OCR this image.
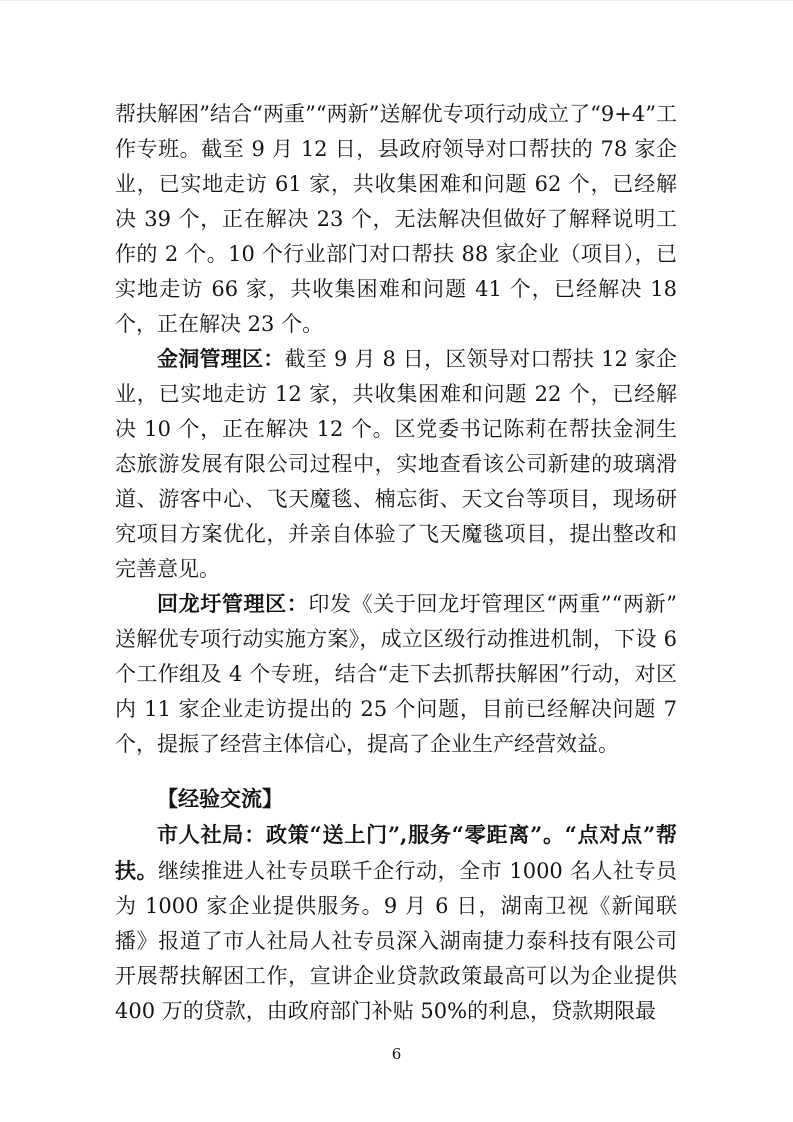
帮扶解困”结合“两重”“两新”送解优专项行动成立了“9+4”工作专班。截至 9 月 12 日，县政府领导对口帮扶的 78 家企业，已实地走访 61 家，共收集困难和问题 62 个，已经解决 39 个，正在解决 23 个，无法解决但做好了解释说明工作的 2 个。10 个行业部门对口帮扶 88 家企业（项目），已实地走访 66 家，共收集困难和问题 41 个，已经解决 18 个，正在解决 23 个。

金洞管理区：截至 9 月 8 日，区领导对口帮扶 12 家企业，已实地走访 12 家，共收集困难和问题 22 个，已经解决 10 个，正在解决 12 个。区党委书记陈莉在帮扶金洞生态旅游发展有限公司过程中，实地查看该公司新建的玻璃滑道、游客中心、飞天魔毯、楠忘街、天文台等项目，现场研究项目方案优化，并亲自体验了飞天魔毯项目，提出整改和完善意见。

回龙圩管理区：印发《关于回龙圩管理区“两重”“两新”送解优专项行动实施方案》，成立区级行动推进机制，下设 6 个工作组及 4 个专班，结合“走下去抓帮扶解困”行动，对区内 11 家企业走访提出的 25 个问题，目前已经解决问题 7 个，提振了经营主体信心，提高了企业生产经营效益。

【经验交流】

市人社局：政策“送上门”,服务“零距离”。“点对点”帮扶。继续推进人社专员联千企行动，全市 1000 名人社专员为 1000 家企业提供服务。9 月 6 日，湖南卫视《新闻联播》报道了市人社局人社专员深入湖南捷力泰科技有限公司开展帮扶解困工作，宣讲企业贷款政策最高可以为企业提供 400 万的贷款，由政府部门补贴 50%的利息，贷款期限最

6
